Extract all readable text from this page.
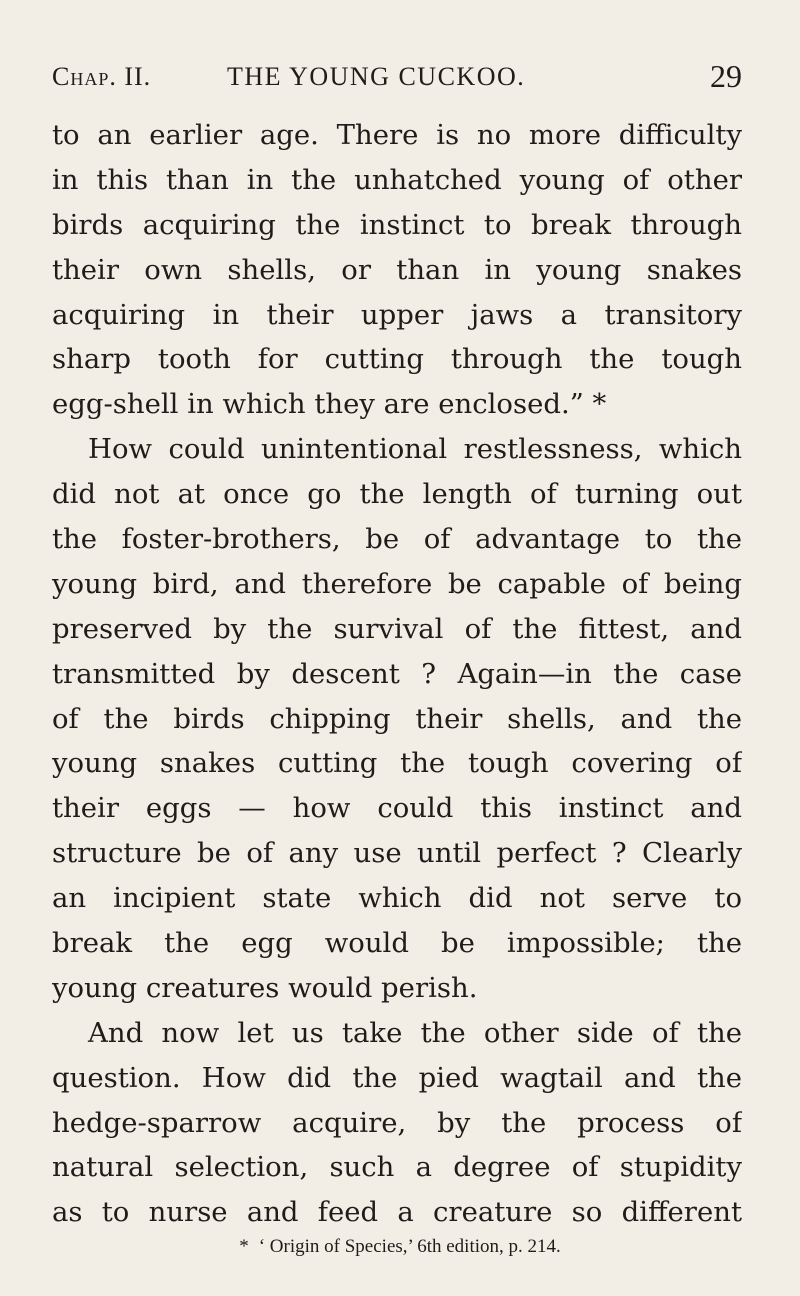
Chap. II.	THE YOUNG CUCKOO.	29
to an earlier age. There is no more difficulty
in this than in the unhatched young of other
birds acquiring the instinct to break through
their own shells, or than in young snakes
acquiring in their upper jaws a transitory
sharp tooth for cutting through the tough
egg-shell in which they are enclosed.” *
How could unintentional restlessness, which
did not at once go the length of turning out
the foster-brothers, be of advantage to the
young bird, and therefore be capable of being
preserved by the survival of the fittest, and
transmitted by descent ? Again—in the case
of the birds chipping their shells, and the
young snakes cutting the tough covering of
their eggs — how could this instinct and
structure be of any use until perfect ? Clearly
an incipient state which did not serve to
break the egg would be impossible; the
young creatures would perish.
And now let us take the other side of the
question. How did the pied wagtail and the
hedge-sparrow acquire, by the process of
natural selection, such a degree of stupidity
as to nurse and feed a creature so different
* ‘ Origin of Species,’ 6th edition, p. 214.
